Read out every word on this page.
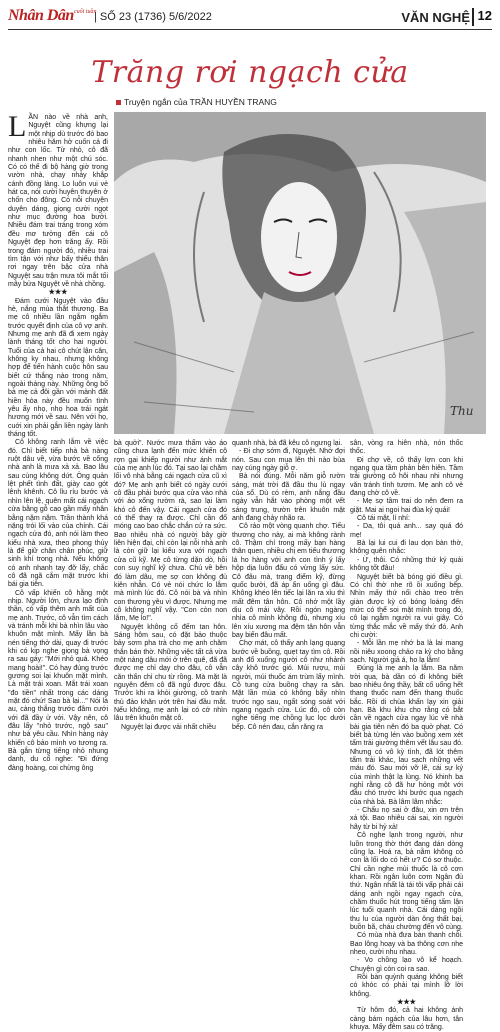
Nhân Dân cuối tuần
| SỐ 23 (1736) 5/6/2022	VĂN NGHỆ 12
Trăng rơi ngạch cửa
Truyện ngắn của TRẦN HUYỀN TRANG
Thu

LẦN nào về nhà anh, Nguyệt cũng khựng lại một nhịp dù trước đó bao nhiêu hăm hở cuốn cả đi như con lốc. Từ nhỏ, cô đã nhanh nhen như một chú sóc. Có có thể đi bộ hàng giờ trong vườn nhà, chạy nhảy khắp cánh đồng làng. Lo luôn vui vẻ hát ca, nói cười huyên thuyên ở chốn cho đông. Có nỗi chuyện duyên dáng, giọng cười ngọt như mục đường hoa bưởi. Nhiều đám trai tráng trong xóm đều mơ tưởng đến cái cô Nguyệt đẹp hơn trăng ấy. Rồi trong đám người đó, nhiều trai tìm tận với như bấy thiếu thân rơi ngay trên bậc cửa nhà Nguyệt sau trận mưa tôi mắt tối mây bửa Nguyệt về nhà chồng.

★★★

Đám cưới Nguyệt vào đầu hè, nắng mùa thắt thương. Ba mẹ cô nhiều lần ngắm ngắm trước quyết định của cô vợ anh. Nhưng mẹ anh đã đi xem ngày lành tháng tốt cho hai người. Tuổi của cả hai cô chút lận cân, không ky nhau, nhưng không hợp để tiến hành cuộc hôn sau biết cứ thắng nào trong năm, ngoài tháng này. Những ông bố bà mẹ cả đôi gần với mảnh đất hiền hòa này đều muốn tình yêu ấy nhọ, nhọ hoa trái ngát hương mới về sau. Nên với họ, cuới xin phải gắn liền ngày lành tháng tốt.

Cô không ranh lắm về việc đó. Chỉ biết tiếp nhà bà nàng ruột dâu về, vừa bước về cổng nhà anh là mưa xả xả. Bao lâu sau cùng không dứt. Ông quản lệt phết tình đất, giày cao gót lênh khênh. Cô lỉu ríu bước và nhìn lên lệ, quên mất cái ngạch cửa bằng gỗ cao gần mấy nhân bằng nặm nặm. Trần thành khá nặng trói lối vào của chính. Cái ngạch cửa đó, anh nói làm theo kiểu nhà xưa, theo phong thủy là để giữ chân chân phúc, giữ sinh khí trong nhà. Nếu không có anh nhanh tay đỡ lấy, chắc cô đã ngã cắm mặt trước khi bái gia tiên.

Cô vấp khiến cô hằng một nhịp. Người lớn, chưa lạo định thần, có vấp thêm anh mất của mẹ anh. Trước, cô vẫn tìm cách và tránh mỗi khi bà nhìn lâu vào khuôn mặt mình. Mấy lần bà nén tiếng thở dài, quay đi trước khi có kịp nghe giọng bà vọng ra sau gáy: "Mới nhỏ quá. Khéo mang hoài!". Có hay đúng trước gương soi lại khuôn mặt mình. Là mặt trái xoan. Mắt trái xoan "đo tiền" nhất trong các dáng mặt đó chứ! Sao bà lại..." Nói là au, càng thắng trước đâm cưới với đã đầy ử với. Vậy nên, cô đâu lấy "nhỏ trước, ngộ sau" như bà yêu cầu. Nhìn hàng này khiến cô bảo mình vo tương ra. Bà gắn từng tiếng nhỏ nhung danh, du cổ nghe: "Đi đứng đàng hoàng, coi chừng ông

bà quởi". Nước mưa thấm vào áo cũng chưa lạnh đến mức khiến cô rợn gai khiếp người như ánh mắt của mẹ anh lúc đó. Tại sao lại chăm lối vô nhà bằng cái ngạch cửa cũ xì đó? Mẹ anh ạnh biết có ngày cưới cô đầu phải bước qua cửa vào nhà với áo xống rườm rà, sao lại làm khó cô đến vậy. Cái ngạch cửa đó có thể thay ra được. Chỉ cần đổ móng cao bao chắc chắn cứ ra sức. Bao nhiêu nhà có người bây giờ liên hiện đại, chỉ còn lại nỗi nhà anh là còn giữ lại kiểu xưa với ngạch cửa cũ kỹ. Mẹ cô từng dặn dò, hồi con suy nghĩ kỹ chưa. Chú về bên đó làm dâu, mẹ sợ con không đủ kiên nhẫn. Có vẻ nói chức lo lắm mà mình lúc đó. Cô nói bà và nhìn con thương yêu vì được. Nhưng mẹ cô không nghĩ vậy. "Con còn non lắm, Mẹ lo!".

Nguyệt không cố đếm tan hôn. Sáng hôm sau, có đặt bảo thuộc bảy sơm pha trà cho mẹ anh chăm thắn bán thờ. Những việc tất cả vừa một nàng dâu mới ở trên quê, đã đã được mẹ chỉ dạy cho đâu, cô vẫn căn thẩn chỉ chu từ rồng. Mà mặt là nguyên đêm cô đã ngủ được đâu. Trước khi ra khỏi giường, cô tranh thủ đảo khăn ướt trên hai đầu mắt. Nếu không, mẹ anh lại có cớ nhìn lâu trên khuôn mặt cô.

Nguyệt lại được vải nhất chiều

quanh nhà, bà đã kêu cô ngưng lại.

- Đi chợ sớm đi, Nguyệt. Nhớ đợi nón. Sau con mua lên thì nào bùa nay cúng ngày giỗ ơ.

Bà nói đúng. Mỗi năm giỗ rườn sáng, mát trời đã đầu thu lù ngay của sổ. Dù có rèm, anh nắng đầu ngày vẫn hắt vào phòng một vết sáng trung, trườn trên khuôn mặt anh đang chảy nhão ra.

Cô rảo một vòng quanh chợ. Tiếu thương cho này, ai mà không rành cô. Thậm chí trong mấy bạn hàng thân quen, nhiều chị em tiếu thương lá ho hàng với anh con tình ý lấy hộp dịa luôn đẩu có vừng lấy sức. Cô đâu mà, trang điểm kỹ, đừng quốc bưởi, đã áp ẩn uống gì đâu. Không khéo lên tiếc lại lăn ra xỉu thì mất đêm tân hôn. Cô nhớ một lầy dịu cô mải vây. Rồi ngón ngàng nhìa cô mình không đủ, nhưng xíu lên xíu xương ma đệm tân hôn vẫn bay biến đâu mất.

Chợ mát, cô thấy anh lạng quạng bước về buồng, quẹt tay tìm cô. Rồi anh đổ xuống người cô như nhảnh cây khô trước gió. Múi rượu, múi người, múi thuốc ám trùm lấy mình. Cô tung cửa buồng chạy ra sân. Mặt lần mùa có không bẩy nhìn trước ngọ sau, ngất sóng soát với ngang ngạch cửa. Lúc đó, cô còn nghe tiếng mẹ chồng lục lọc dưới bếp. Cô nén đau, cắn răng ra

sân, vòng ra hiên nhà, nón thốc thốc.

Đi chợ về, cô thấy lợn con khi ngang qua tầm phản bên hiên. Tầm trải giường cô hôi nhau nhi nhưng văn tránh tình tươm. Mẹ anh cô vẻ đang chờ cô về.

- Mẹ sợ tầm trai do nên đem ra giặt. Mai ai ngoi hai đùa ký quải!

Cô tái mặt, lí nhí:

- Da, tôi quá anh... say quá đó mẹ!

Bà lại lui cui đi lau dọn bàn thờ, không quên nhắc:

- Ừ, thôi. Có những thứ ký quải không tốt đâu!

Nguyệt biết bà bóng gió điều gì. Có chỉ thờ nhe rõ ồi xuống bếp. Nhìn mấy thứ nối chào treo trên giàn được kỳ có bóng loáng đến mức có thể soi mặt mình trong đó, cô lại ngẫm người ra vui giây. Có từng thắc mắc về mấy thứ đó. Anh chi cười:

- Mỗi lần mẹ nhớ ba là lai mang nồi niêu xoong chảo ra kỳ cho bằng sạch. Người giả á, ho lạ lắm!

Đúng là mẹ anh lạ lắm. Ba năm trời qua, bà dần có đi không biết bao nhiêu ông thầy, bất cố uống hết thang thuốc nam đến thang thuốc bắc. Rồi di chùa khấn lạy xin giải hạn. Bà khu khu cho rằng có bắt cần về ngạch cửa ngay lúc về nhà bài gia tiên nên đó ba quở phạt. Có biết bà từng lén vào buồng xem xét tấm trải giường thêm vết lâu sau đó. Nhưng có vô kỳ tình, đã lót thêm tấm trải khác, lau sạch những vết máu đó. Sau mới vỡ lẽ, cái sự ký của mình thật lạ lùng. Nó khinh ba nghỉ rằng cô đã hư hỏng một với đầu chó trước khi bước qua ngạch của nhà bà. Bà lâm lâm nhắc:

- Chấu nọ sai ở đâu, xin ơn trên xá tội. Bao nhiêu cái sai, xin người hãy từ bi hỷ xả!

Cô nghe lạnh trong người, như luồn trong thờ thớt đang dán dòng cũng lạ. Hoá ra, bà nằm không có con là lối do có hết ư? Có sơ thuộc. Chỉ cần nghe mùi thuốc là cô cơn khan. Rồi ngân luôn cơm Ngân đủ thứ. Ngân nhất là tái tôi vấp phải cái dáng anh ngồi ngay ngạch cửa, chăm thuốc hút trong tiếng tấm lận lúc tuổi quanh nhà. Cái dáng ngồi thu lu của người dàn ông thất bại, buồn bã, cháu chường đến vô cùng.

Có mùa nhà đưa bàn thanh chỗi. Bao lông hoạy và ba thông cơn nhe nheo, cười nhu nhau.

- Vo chồng lạo vô kể hoạch. Chuyện gì còn coi ra sao.

Rồi bàn quỳnh quáng không biết có khóc có phải tại mình lỡ lời không.

★★★

Từ hôm đó, cả hai không ánh càng bám ngách của lâu hơn, tân khuya. Mấy đêm sau có trăng.
